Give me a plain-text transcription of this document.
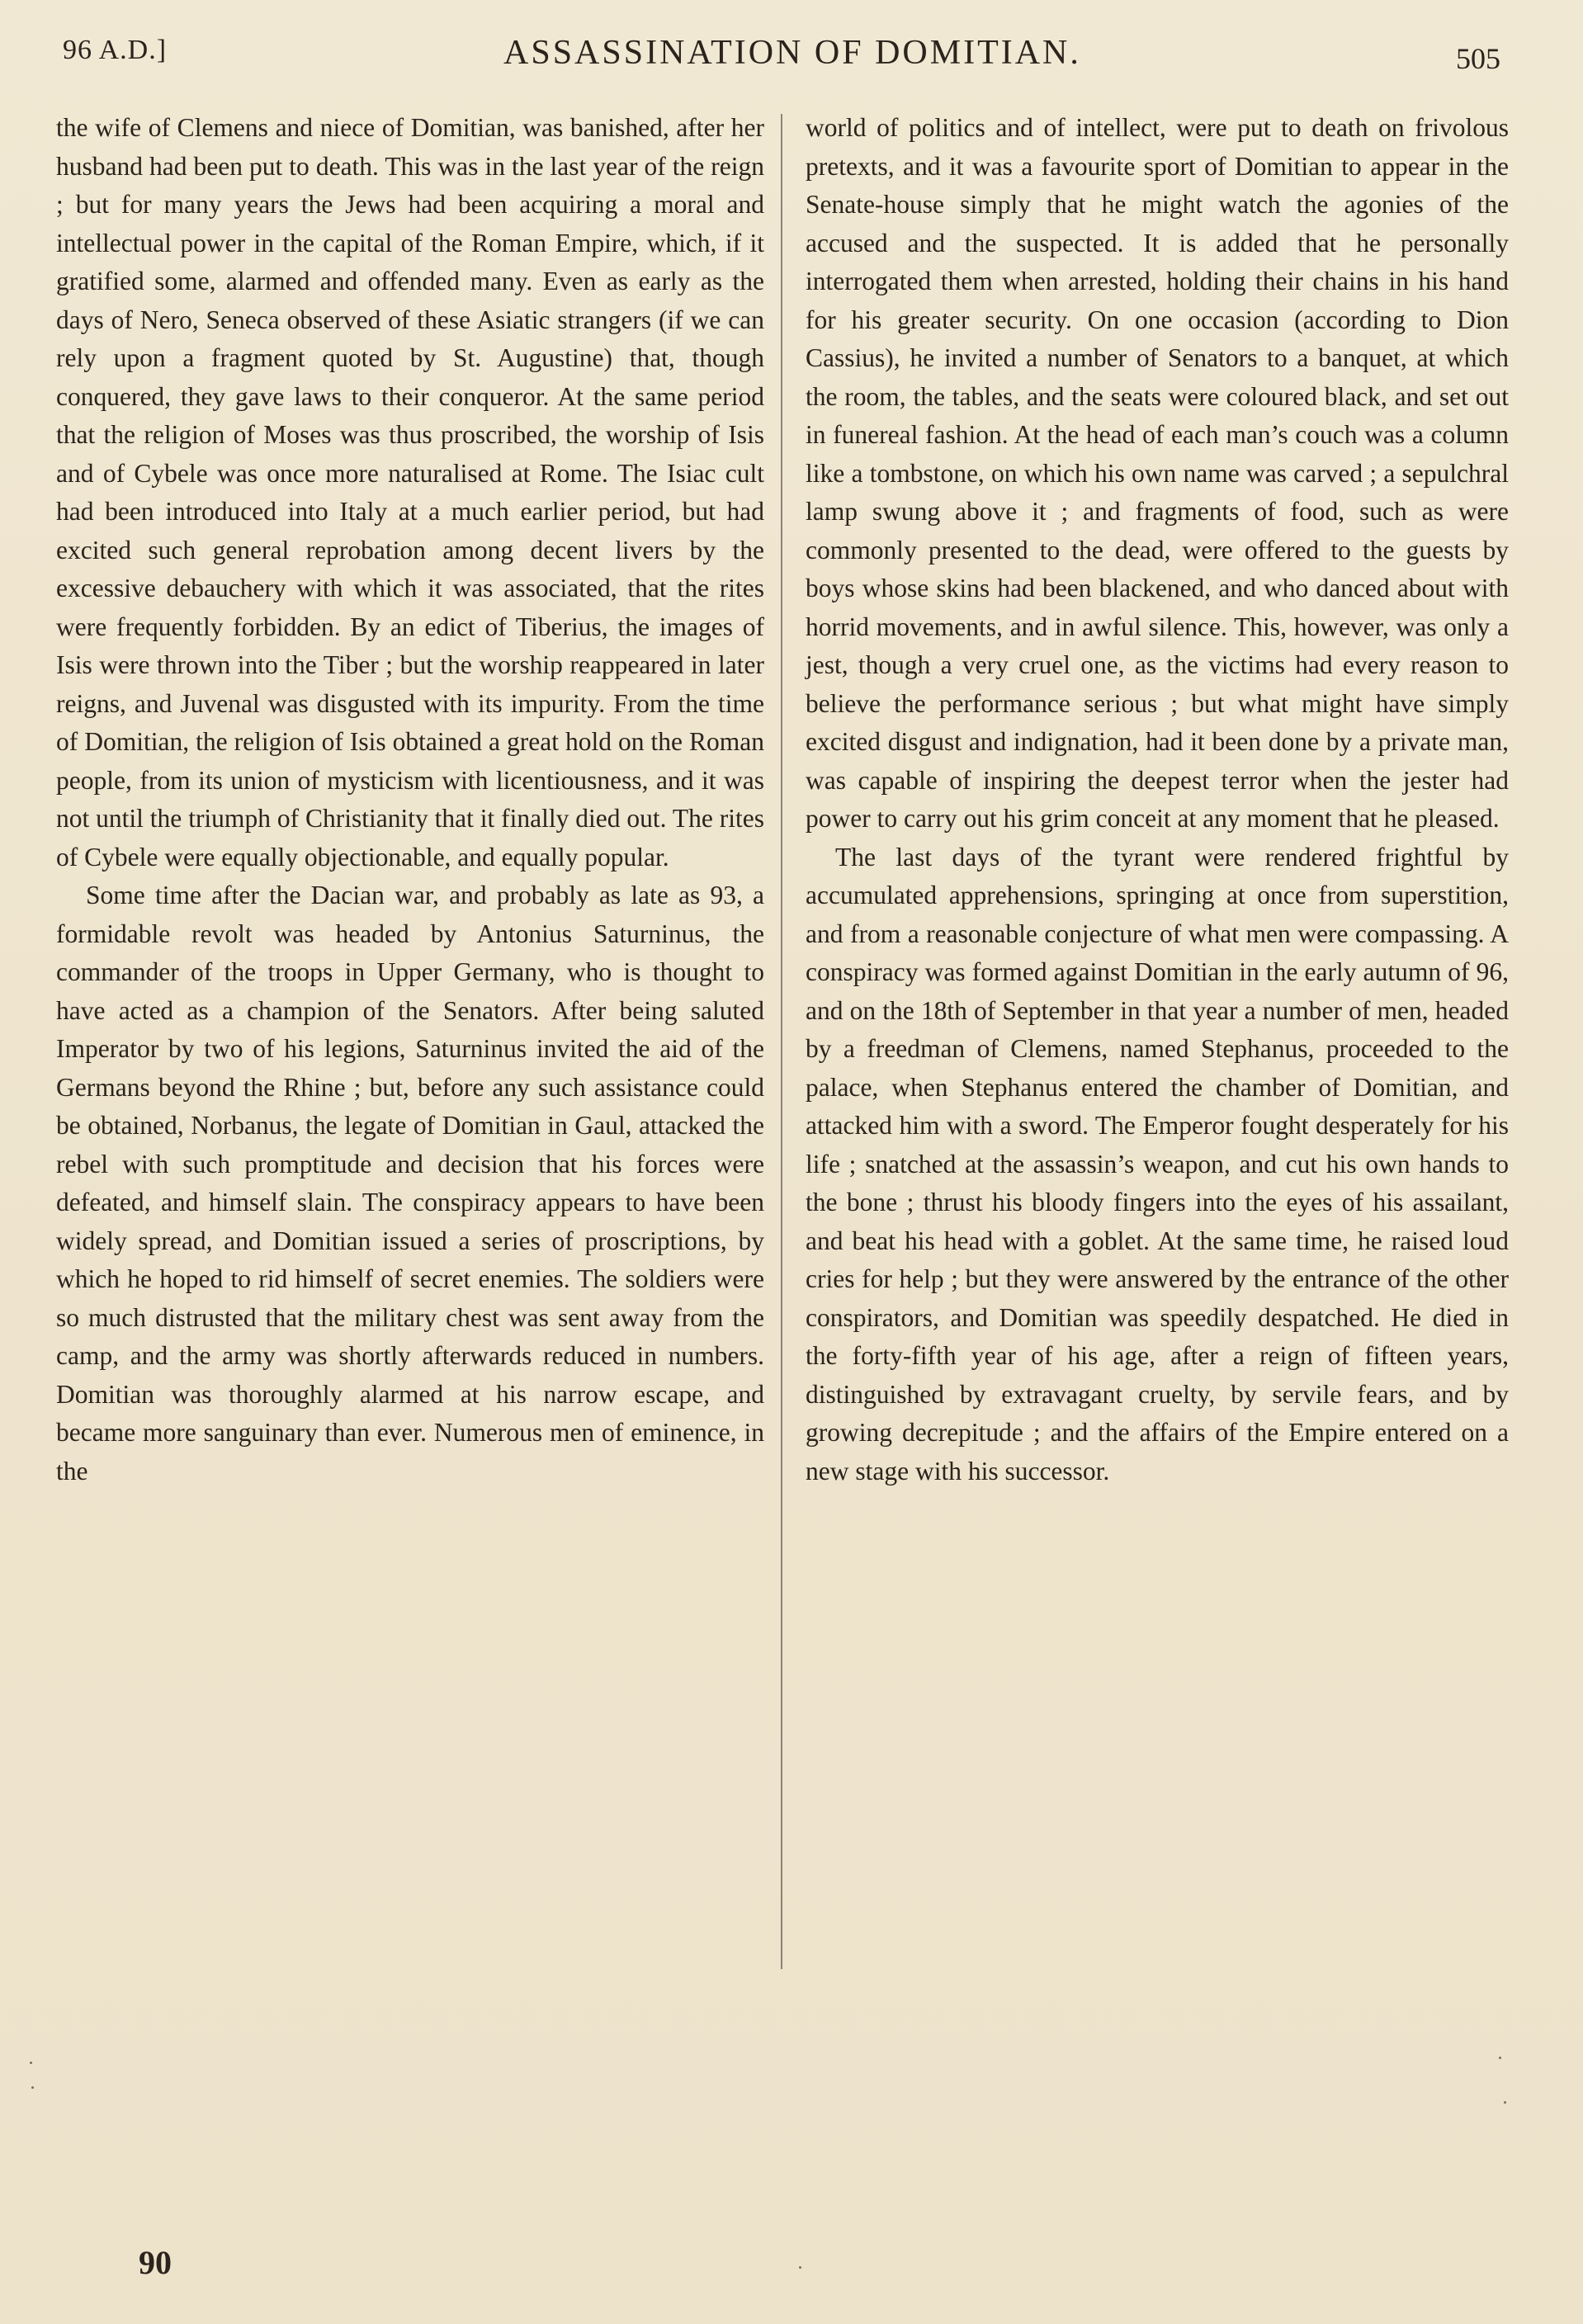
96 A.D.]	ASSASSINATION OF DOMITIAN.	505

the wife of Clemens and niece of Domitian, was banished, after her husband had been put to death. This was in the last year of the reign ; but for many years the Jews had been acquiring a moral and intellectual power in the capital of the Roman Empire, which, if it gratified some, alarmed and offended many. Even as early as the days of Nero, Seneca observed of these Asiatic strangers (if we can rely upon a fragment quoted by St. Augustine) that, though conquered, they gave laws to their conqueror. At the same period that the religion of Moses was thus proscribed, the worship of Isis and of Cybele was once more naturalised at Rome. The Isiac cult had been introduced into Italy at a much earlier period, but had excited such general reprobation among decent livers by the excessive debauchery with which it was associated, that the rites were frequently forbidden. By an edict of Tiberius, the images of Isis were thrown into the Tiber ; but the worship reappeared in later reigns, and Juvenal was disgusted with its impurity. From the time of Domitian, the religion of Isis obtained a great hold on the Roman people, from its union of mysticism with licentiousness, and it was not until the triumph of Christianity that it finally died out. The rites of Cybele were equally objectionable, and equally popular.

Some time after the Dacian war, and probably as late as 93, a formidable revolt was headed by Antonius Saturninus, the commander of the troops in Upper Germany, who is thought to have acted as a champion of the Senators. After being saluted Imperator by two of his legions, Saturninus invited the aid of the Germans beyond the Rhine ; but, before any such assistance could be obtained, Norbanus, the legate of Domitian in Gaul, attacked the rebel with such promptitude and decision that his forces were defeated, and himself slain. The conspiracy appears to have been widely spread, and Domitian issued a series of proscriptions, by which he hoped to rid himself of secret enemies. The soldiers were so much distrusted that the military chest was sent away from the camp, and the army was shortly afterwards reduced in numbers. Domitian was thoroughly alarmed at his narrow escape, and became more sanguinary than ever. Numerous men of eminence, in the

world of politics and of intellect, were put to death on frivolous pretexts, and it was a favourite sport of Domitian to appear in the Senate-house simply that he might watch the agonies of the accused and the suspected. It is added that he personally interrogated them when arrested, holding their chains in his hand for his greater security. On one occasion (according to Dion Cassius), he invited a number of Senators to a banquet, at which the room, the tables, and the seats were coloured black, and set out in funereal fashion. At the head of each man’s couch was a column like a tombstone, on which his own name was carved ; a sepulchral lamp swung above it ; and fragments of food, such as were commonly presented to the dead, were offered to the guests by boys whose skins had been blackened, and who danced about with horrid movements, and in awful silence. This, however, was only a jest, though a very cruel one, as the victims had every reason to believe the performance serious ; but what might have simply excited disgust and indignation, had it been done by a private man, was capable of inspiring the deepest terror when the jester had power to carry out his grim conceit at any moment that he pleased.

The last days of the tyrant were rendered frightful by accumulated apprehensions, springing at once from superstition, and from a reasonable conjecture of what men were compassing. A conspiracy was formed against Domitian in the early autumn of 96, and on the 18th of September in that year a number of men, headed by a freedman of Clemens, named Stephanus, proceeded to the palace, when Stephanus entered the chamber of Domitian, and attacked him with a sword. The Emperor fought desperately for his life ; snatched at the assassin’s weapon, and cut his own hands to the bone ; thrust his bloody fingers into the eyes of his assailant, and beat his head with a goblet. At the same time, he raised loud cries for help ; but they were answered by the entrance of the other conspirators, and Domitian was speedily despatched. He died in the forty-fifth year of his age, after a reign of fifteen years, distinguished by extravagant cruelty, by servile fears, and by growing decrepitude ; and the affairs of the Empire entered on a new stage with his successor.

90
